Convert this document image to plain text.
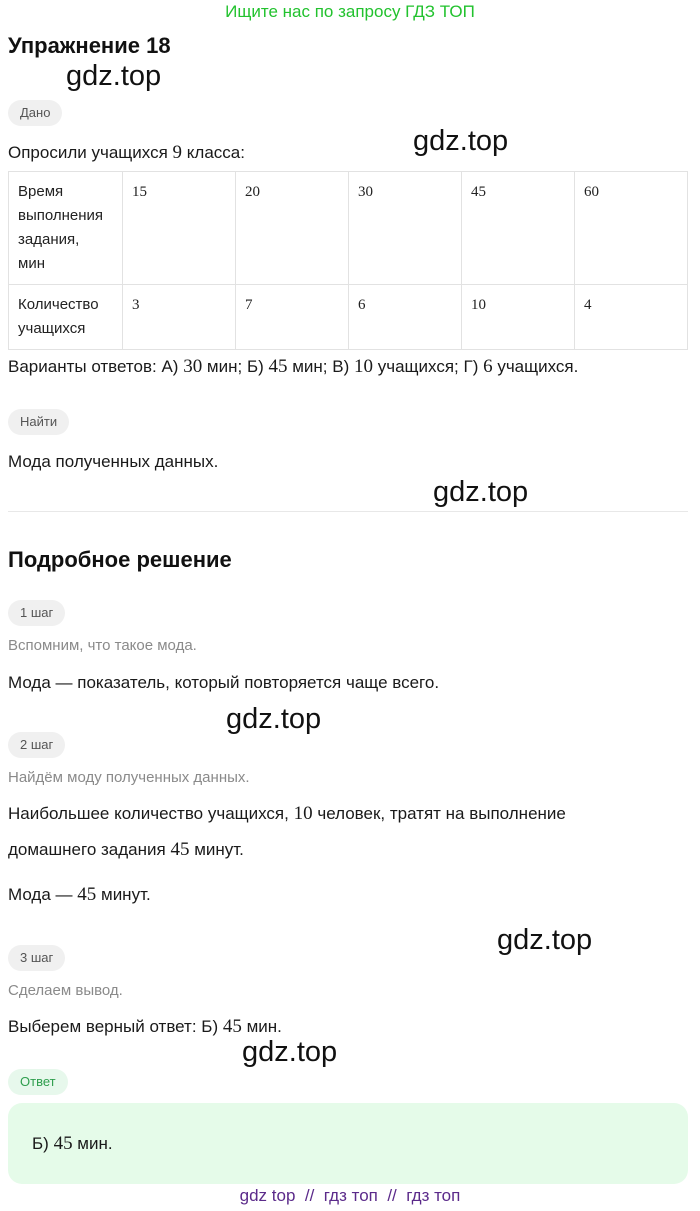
Ищите нас по запросу ГДЗ ТОП
Упражнение 18
gdz.top
gdz.top
gdz.top
gdz.top
gdz.top
gdz.top
Дано
Опросили учащихся 9 класса:
Время
выполнения
задания,
мин	15	20	30	45	60
Количество
учащихся	3	7	6	10	4
Варианты ответов: А) 30 мин; Б) 45 мин; В) 10 учащихся; Г) 6 учащихся.
Найти
Мода полученных данных.
Подробное решение
1 шаг
Вспомним, что такое мода.
Мода — показатель, который повторяется чаще всего.
2 шаг
Найдём моду полученных данных.
Наибольшее количество учащихся, 10 человек, тратят на выполнение
домашнего задания 45 минут.
Мода — 45 минут.
3 шаг
Сделаем вывод.
Выберем верный ответ: Б) 45 мин.
Ответ
Б) 45 мин.
gdz top  //  гдз топ  //  гдз топ
